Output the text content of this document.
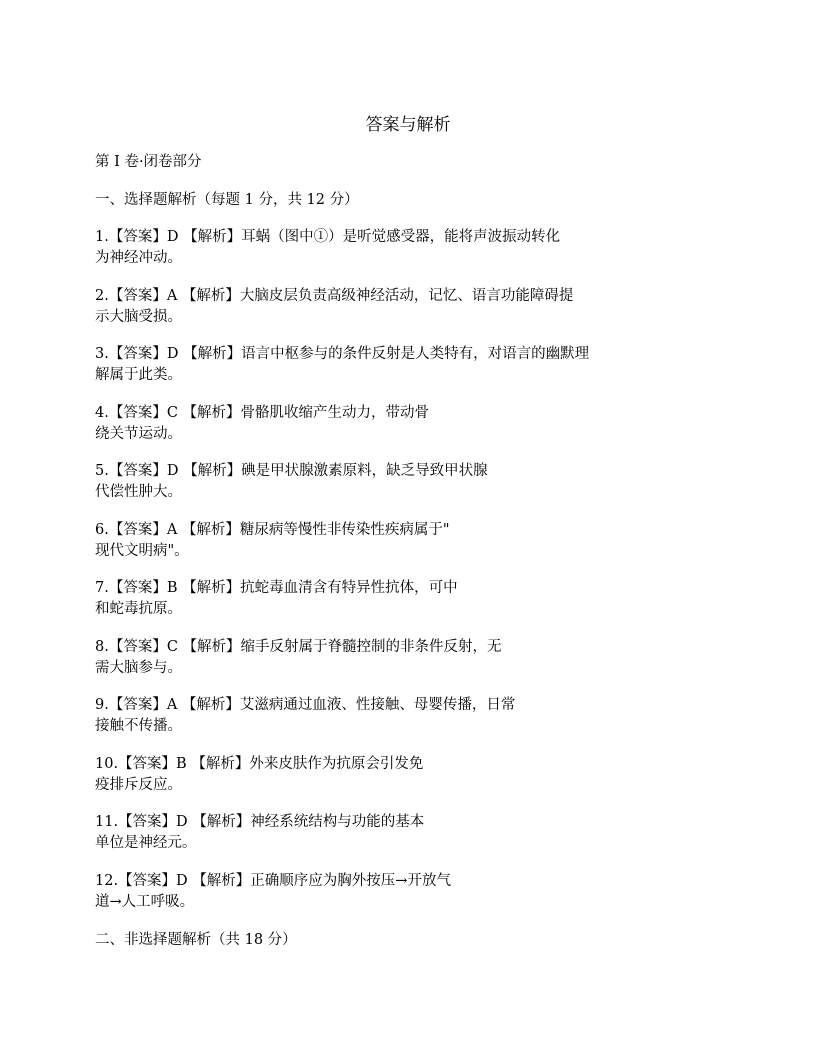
答案与解析
第 I 卷·闭卷部分
一、选择题解析（每题 1 分，共 12 分）
1.【答案】D 【解析】耳蜗（图中①）是听觉感受器，能将声波振动转化
为神经冲动。
2.【答案】A 【解析】大脑皮层负责高级神经活动，记忆、语言功能障碍提
示大脑受损。
3.【答案】D 【解析】语言中枢参与的条件反射是人类特有，对语言的幽默理
解属于此类。
4.【答案】C 【解析】骨骼肌收缩产生动力，带动骨
绕关节运动。
5.【答案】D 【解析】碘是甲状腺激素原料，缺乏导致甲状腺
代偿性肿大。
6.【答案】A 【解析】糖尿病等慢性非传染性疾病属于"
现代文明病"。
7.【答案】B 【解析】抗蛇毒血清含有特异性抗体，可中
和蛇毒抗原。
8.【答案】C 【解析】缩手反射属于脊髓控制的非条件反射，无
需大脑参与。
9.【答案】A 【解析】艾滋病通过血液、性接触、母婴传播，日常
接触不传播。
10.【答案】B 【解析】外来皮肤作为抗原会引发免
疫排斥反应。
11.【答案】D 【解析】神经系统结构与功能的基本
单位是神经元。
12.【答案】D 【解析】正确顺序应为胸外按压→开放气
道→人工呼吸。
二、非选择题解析（共 18 分）
